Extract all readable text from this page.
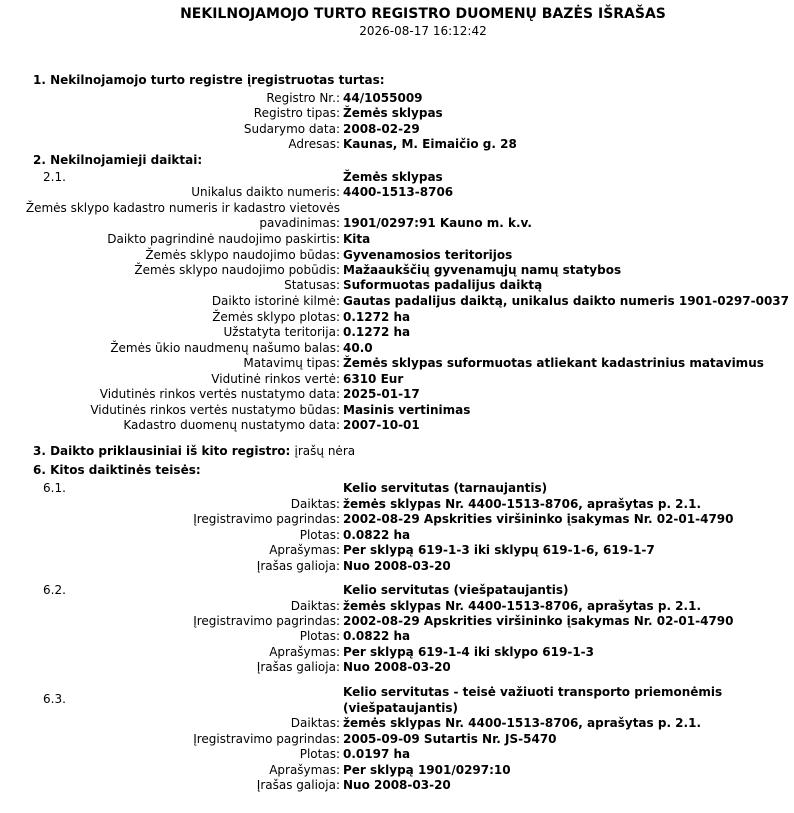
NEKILNOJAMOJO TURTO REGISTRO DUOMENŲ BAZĖS IŠRAŠAS
2026-08-17 16:12:42
1. Nekilnojamojo turto registre įregistruotas turtas:
Registro Nr.: 44/1055009
Registro tipas: Žemės sklypas
Sudarymo data: 2008-02-29
Adresas: Kaunas, M. Eimaičio g. 28
2. Nekilnojamieji daiktai:
2.1.	Žemės sklypas
Unikalus daikto numeris: 4400-1513-8706
Žemės sklypo kadastro numeris ir kadastro vietovės
pavadinimas: 1901/0297:91 Kauno m. k.v.
Daikto pagrindinė naudojimo paskirtis: Kita
Žemės sklypo naudojimo būdas: Gyvenamosios teritorijos
Žemės sklypo naudojimo pobūdis: Mažaaukščių gyvenamųjų namų statybos
Statusas: Suformuotas padalijus daiktą
Daikto istorinė kilmė: Gautas padalijus daiktą, unikalus daikto numeris 1901-0297-0037
Žemės sklypo plotas: 0.1272 ha
Užstatyta teritorija: 0.1272 ha
Žemės ūkio naudmenų našumo balas: 40.0
Matavimų tipas: Žemės sklypas suformuotas atliekant kadastrinius matavimus
Vidutinė rinkos vertė: 6310 Eur
Vidutinės rinkos vertės nustatymo data: 2025-01-17
Vidutinės rinkos vertės nustatymo būdas: Masinis vertinimas
Kadastro duomenų nustatymo data: 2007-10-01
3. Daikto priklausiniai iš kito registro: įrašų nėra
6. Kitos daiktinės teisės:
6.1.	Kelio servitutas (tarnaujantis)
Daiktas: žemės sklypas Nr. 4400-1513-8706, aprašytas p. 2.1.
Įregistravimo pagrindas: 2002-08-29 Apskrities viršininko įsakymas Nr. 02-01-4790
Plotas: 0.0822 ha
Aprašymas: Per sklypą 619-1-3 iki sklypų 619-1-6, 619-1-7
Įrašas galioja: Nuo 2008-03-20
6.2.	Kelio servitutas (viešpataujantis)
Daiktas: žemės sklypas Nr. 4400-1513-8706, aprašytas p. 2.1.
Įregistravimo pagrindas: 2002-08-29 Apskrities viršininko įsakymas Nr. 02-01-4790
Plotas: 0.0822 ha
Aprašymas: Per sklypą 619-1-4 iki sklypo 619-1-3
Įrašas galioja: Nuo 2008-03-20
6.3.	Kelio servitutas - teisė važiuoti transporto priemonėmis
(viešpataujantis)
Daiktas: žemės sklypas Nr. 4400-1513-8706, aprašytas p. 2.1.
Įregistravimo pagrindas: 2005-09-09 Sutartis Nr. JS-5470
Plotas: 0.0197 ha
Aprašymas: Per sklypą 1901/0297:10
Įrašas galioja: Nuo 2008-03-20
